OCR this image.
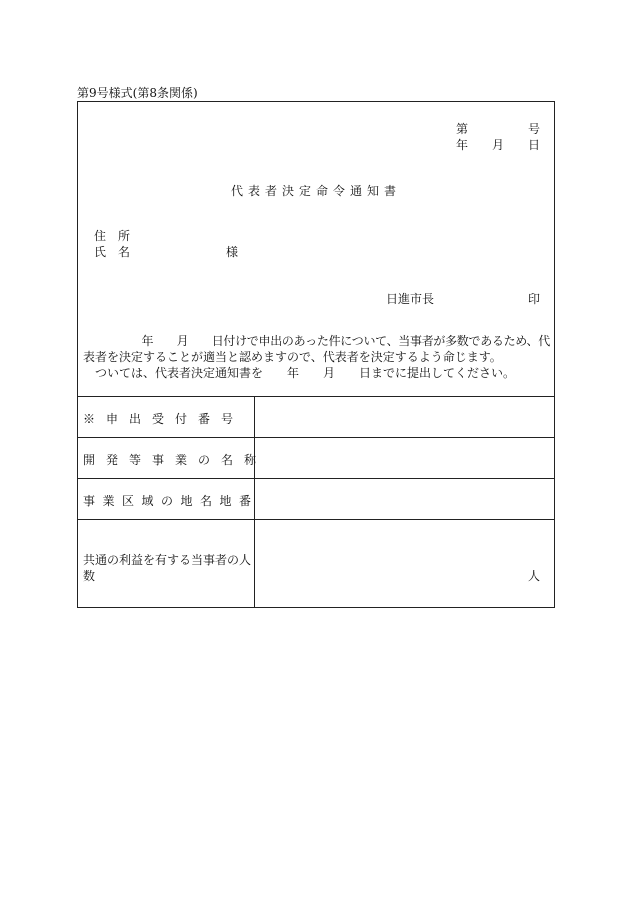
第9号様式(第8条関係)
第	号
年 月 日
代表者決定命令通知書
住　所
氏　名	様
日進市長	印
　　　　　年　　月　　日付けで申出のあった件について、当事者が多数であるため、代
表者を決定することが適当と認めますので、代表者を決定するよう命じます。
　ついては、代表者決定通知書を　　年　　月　　日までに提出してください。
※申出受付番号
開発等事業の名称
事業区域の地名地番
共通の利益を有する当事者の人
数	人
